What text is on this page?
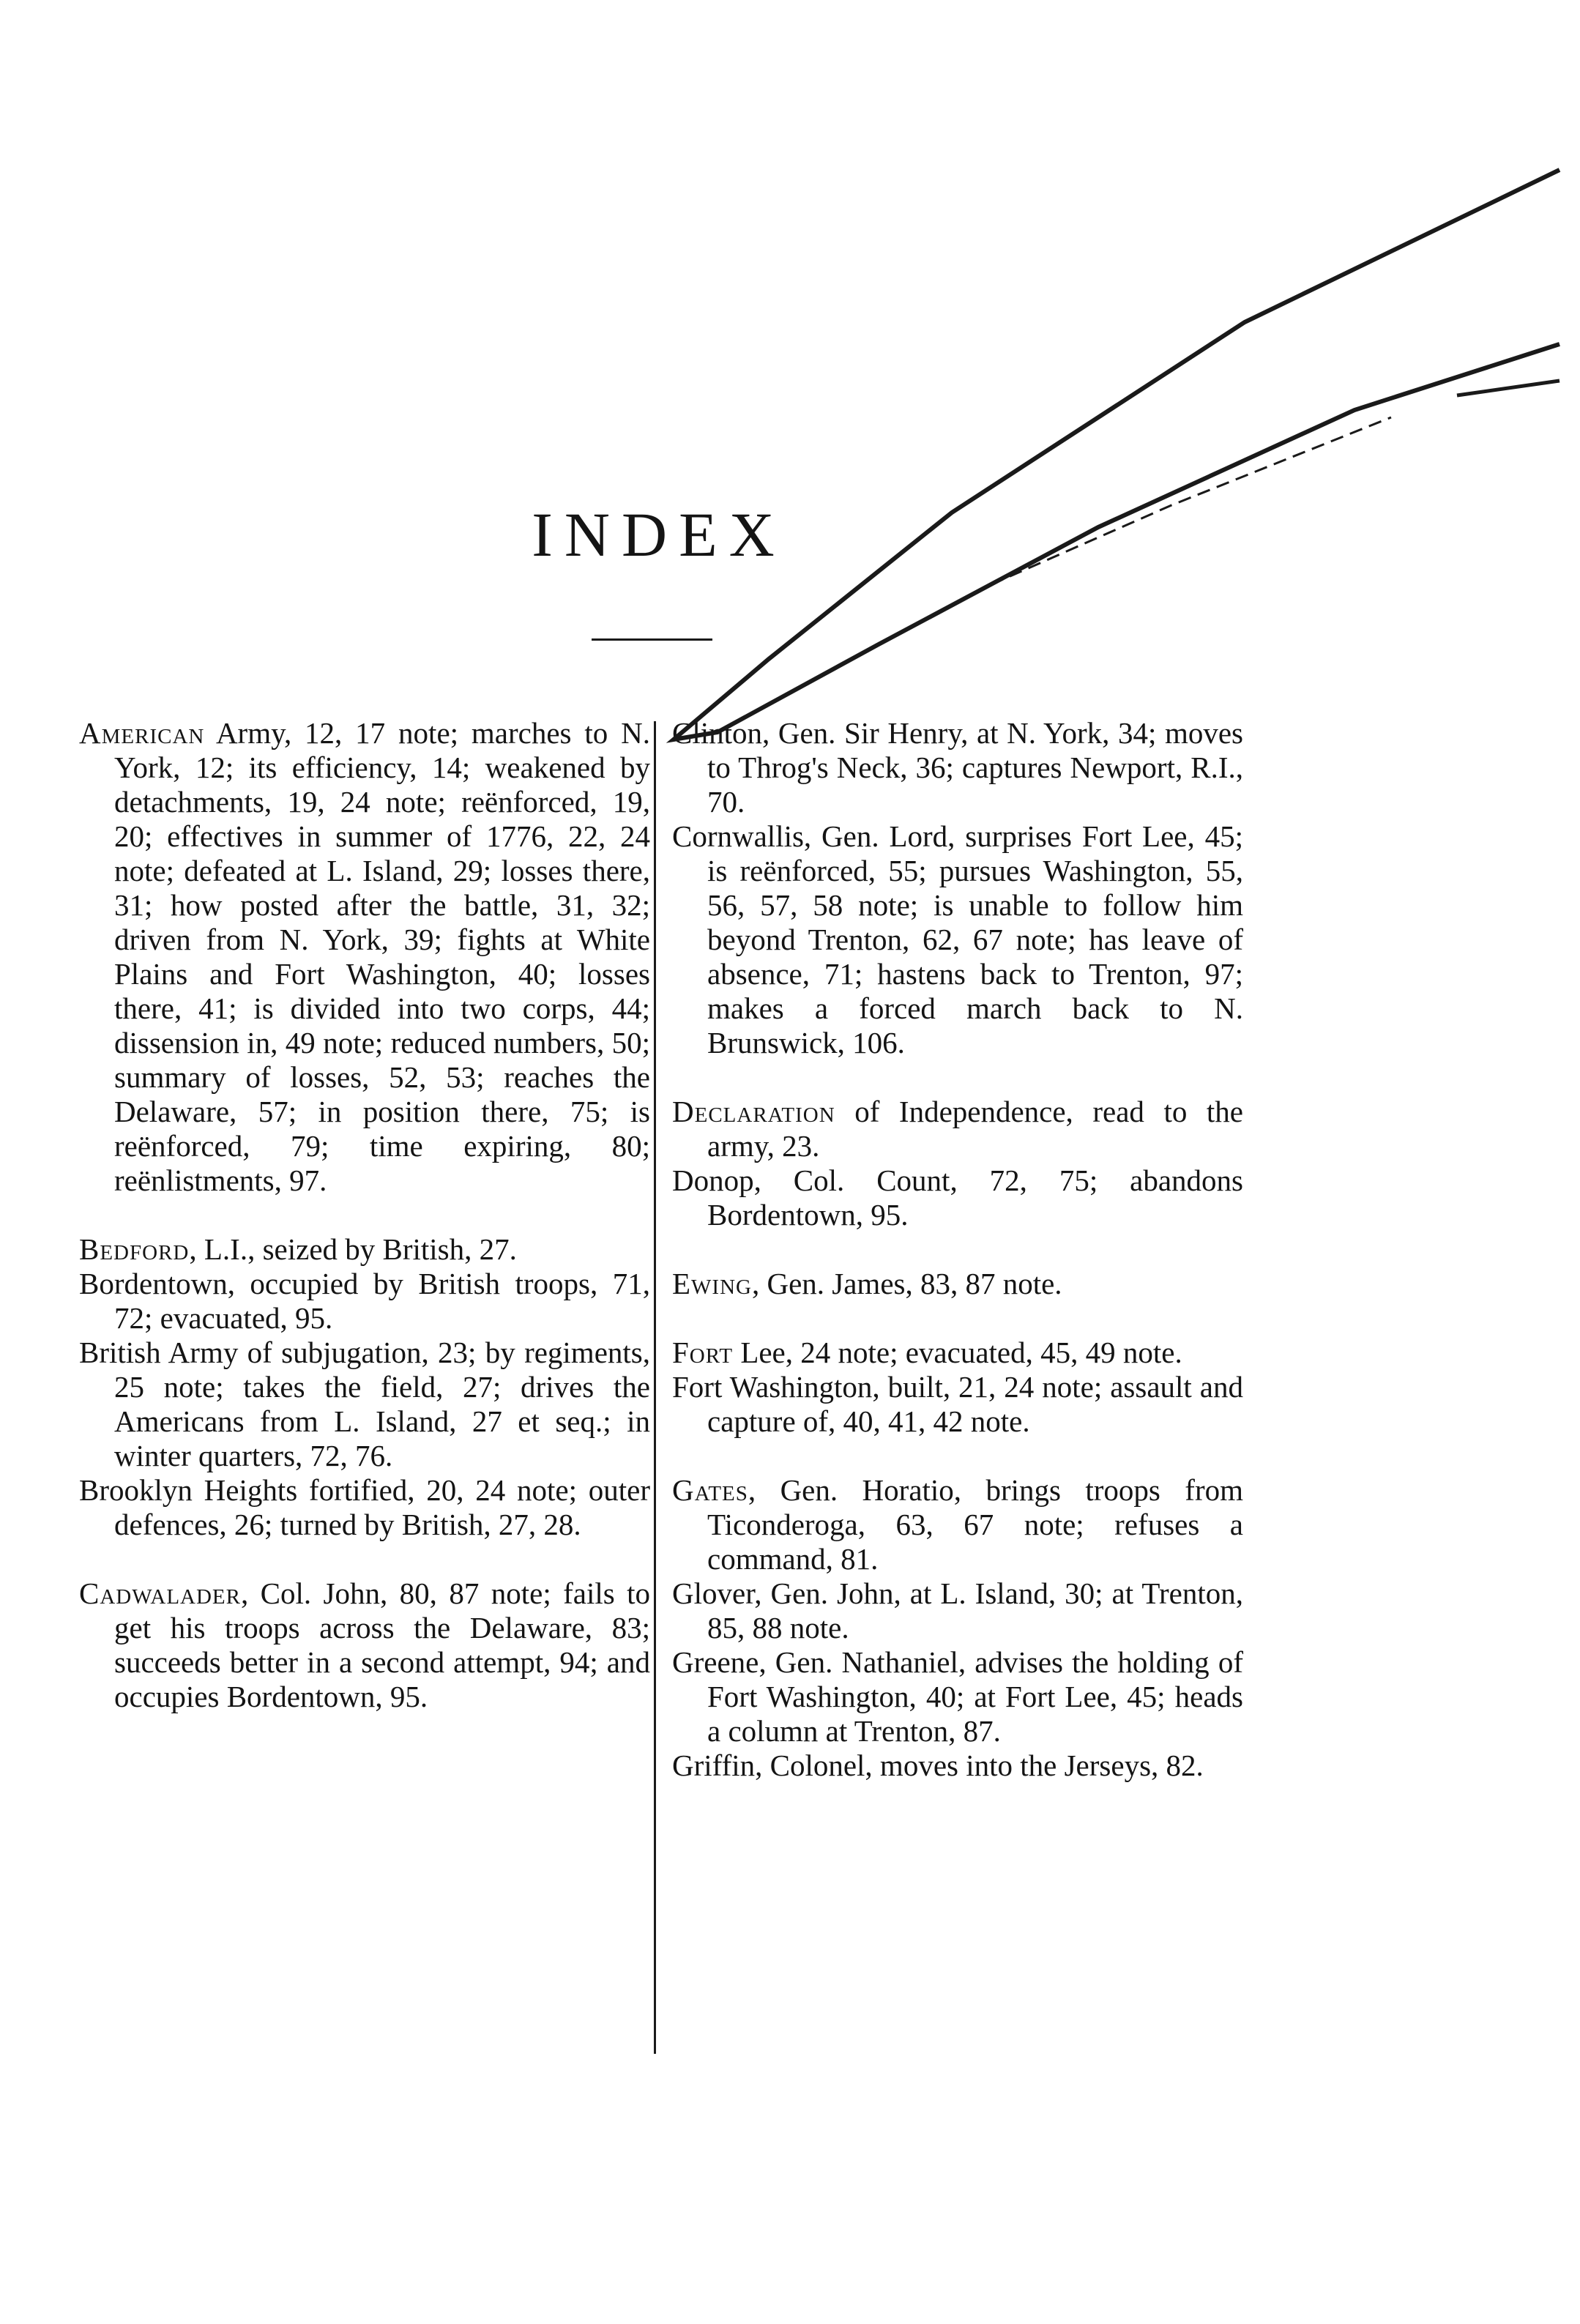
INDEX

American Army, 12, 17 note; marches to N. York, 12; its efficiency, 14; weakened by detachments, 19, 24 note; reënforced, 19, 20; effectives in summer of 1776, 22, 24 note; defeated at L. Island, 29; losses there, 31; how posted after the battle, 31, 32; driven from N. York, 39; fights at White Plains and Fort Washington, 40; losses there, 41; is divided into two corps, 44; dissension in, 49 note; reduced numbers, 50; summary of losses, 52, 53; reaches the Delaware, 57; in position there, 75; is reënforced, 79; time expiring, 80; reënlistments, 97.

Bedford, L.I., seized by British, 27.

Bordentown, occupied by British troops, 71, 72; evacuated, 95.

British Army of subjugation, 23; by regiments, 25 note; takes the field, 27; drives the Americans from L. Island, 27 et seq.; in winter quarters, 72, 76.

Brooklyn Heights fortified, 20, 24 note; outer defences, 26; turned by British, 27, 28.

Cadwalader, Col. John, 80, 87 note; fails to get his troops across the Delaware, 83; succeeds better in a second attempt, 94; and occupies Bordentown, 95.

Clinton, Gen. Sir Henry, at N. York, 34; moves to Throg's Neck, 36; captures Newport, R.I., 70.

Cornwallis, Gen. Lord, surprises Fort Lee, 45; is reënforced, 55; pursues Washington, 55, 56, 57, 58 note; is unable to follow him beyond Trenton, 62, 67 note; has leave of absence, 71; hastens back to Trenton, 97; makes a forced march back to N. Brunswick, 106.

Declaration of Independence, read to the army, 23.

Donop, Col. Count, 72, 75; abandons Bordentown, 95.

Ewing, Gen. James, 83, 87 note.

Fort Lee, 24 note; evacuated, 45, 49 note.

Fort Washington, built, 21, 24 note; assault and capture of, 40, 41, 42 note.

Gates, Gen. Horatio, brings troops from Ticonderoga, 63, 67 note; refuses a command, 81.

Glover, Gen. John, at L. Island, 30; at Trenton, 85, 88 note.

Greene, Gen. Nathaniel, advises the holding of Fort Washington, 40; at Fort Lee, 45; heads a column at Trenton, 87.

Griffin, Colonel, moves into the Jerseys, 82.
